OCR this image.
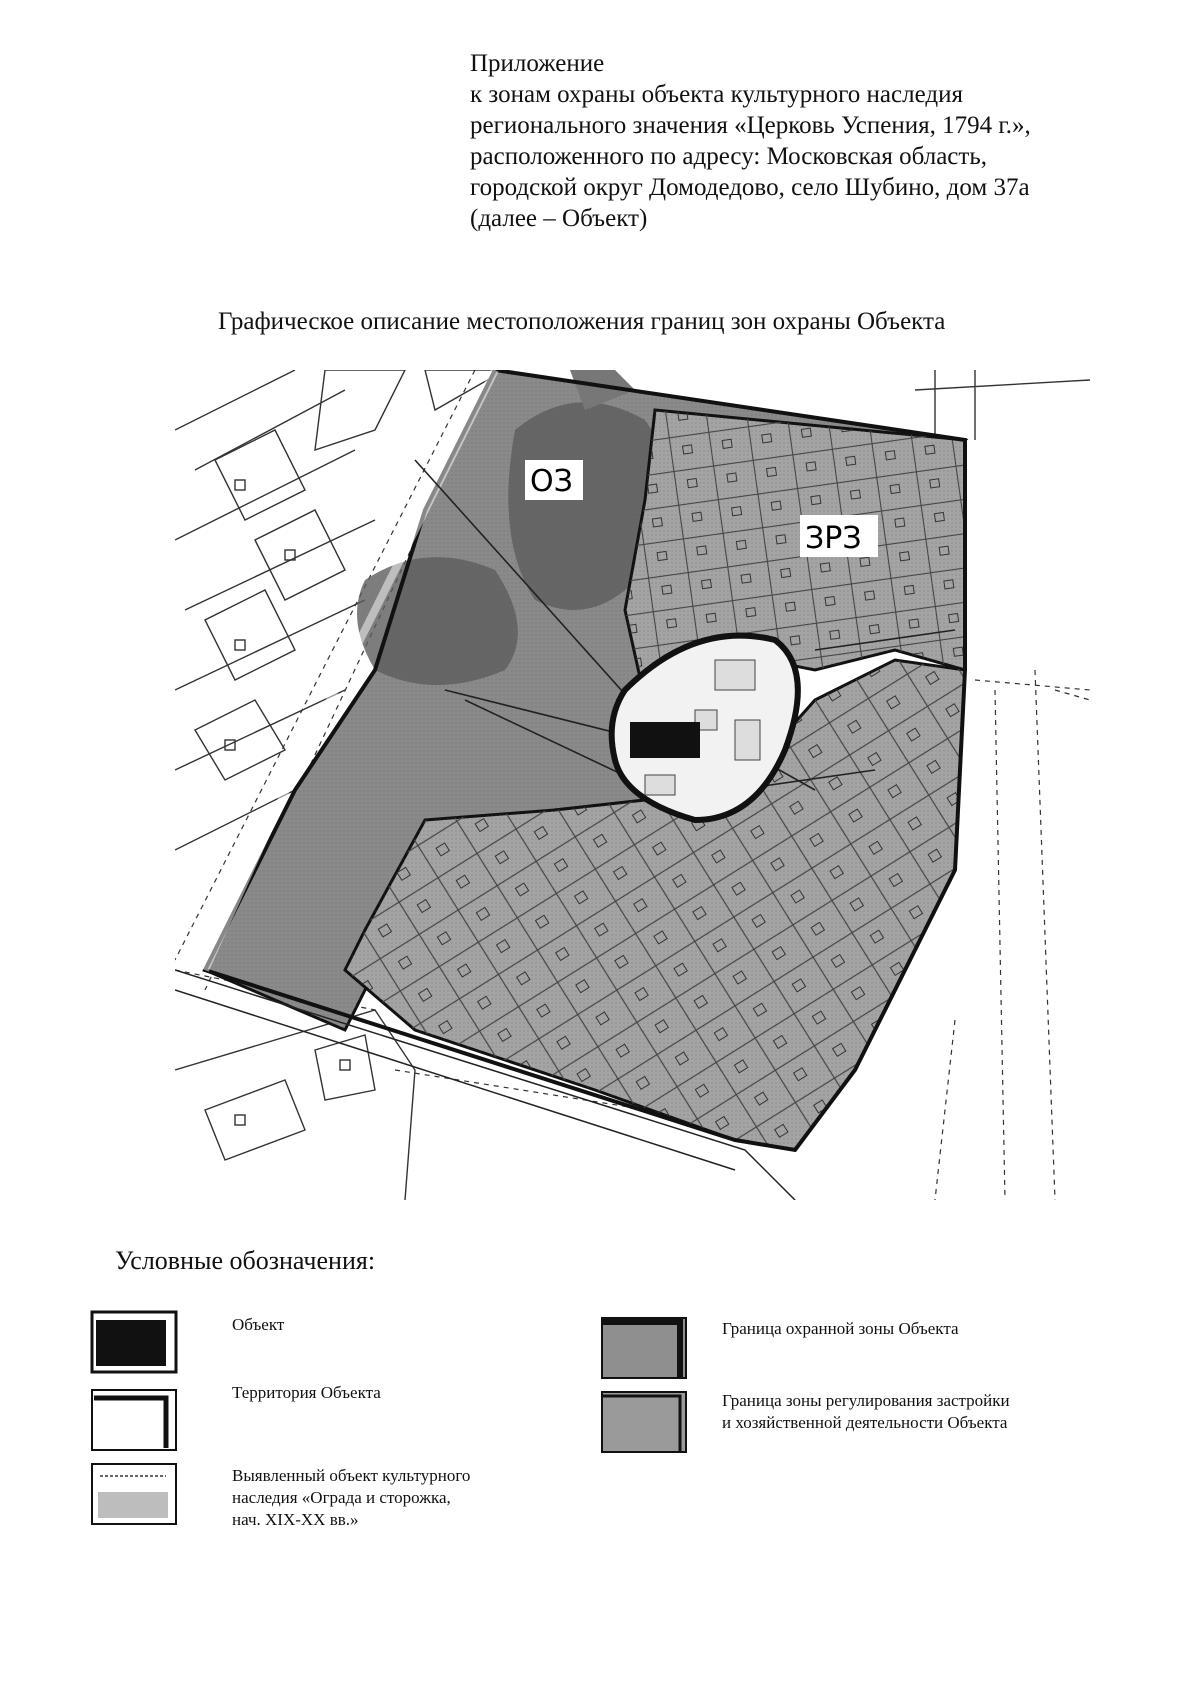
Приложение
к зонам охраны объекта культурного наследия
регионального значения «Церковь Успения, 1794 г.»,
расположенного по адресу: Московская область,
городской округ Домодедово, село Шубино, дом 37а
(далее – Объект)
Графическое описание местоположения границ зон охраны Объекта
ОЗ
ЗРЗ
Условные обозначения:
Объект
Территория Объекта
Выявленный объект культурного
наследия «Ограда и сторожка,
нач. XIX-XX вв.»
Граница охранной зоны Объекта
Граница зоны регулирования застройки
и хозяйственной деятельности Объекта
